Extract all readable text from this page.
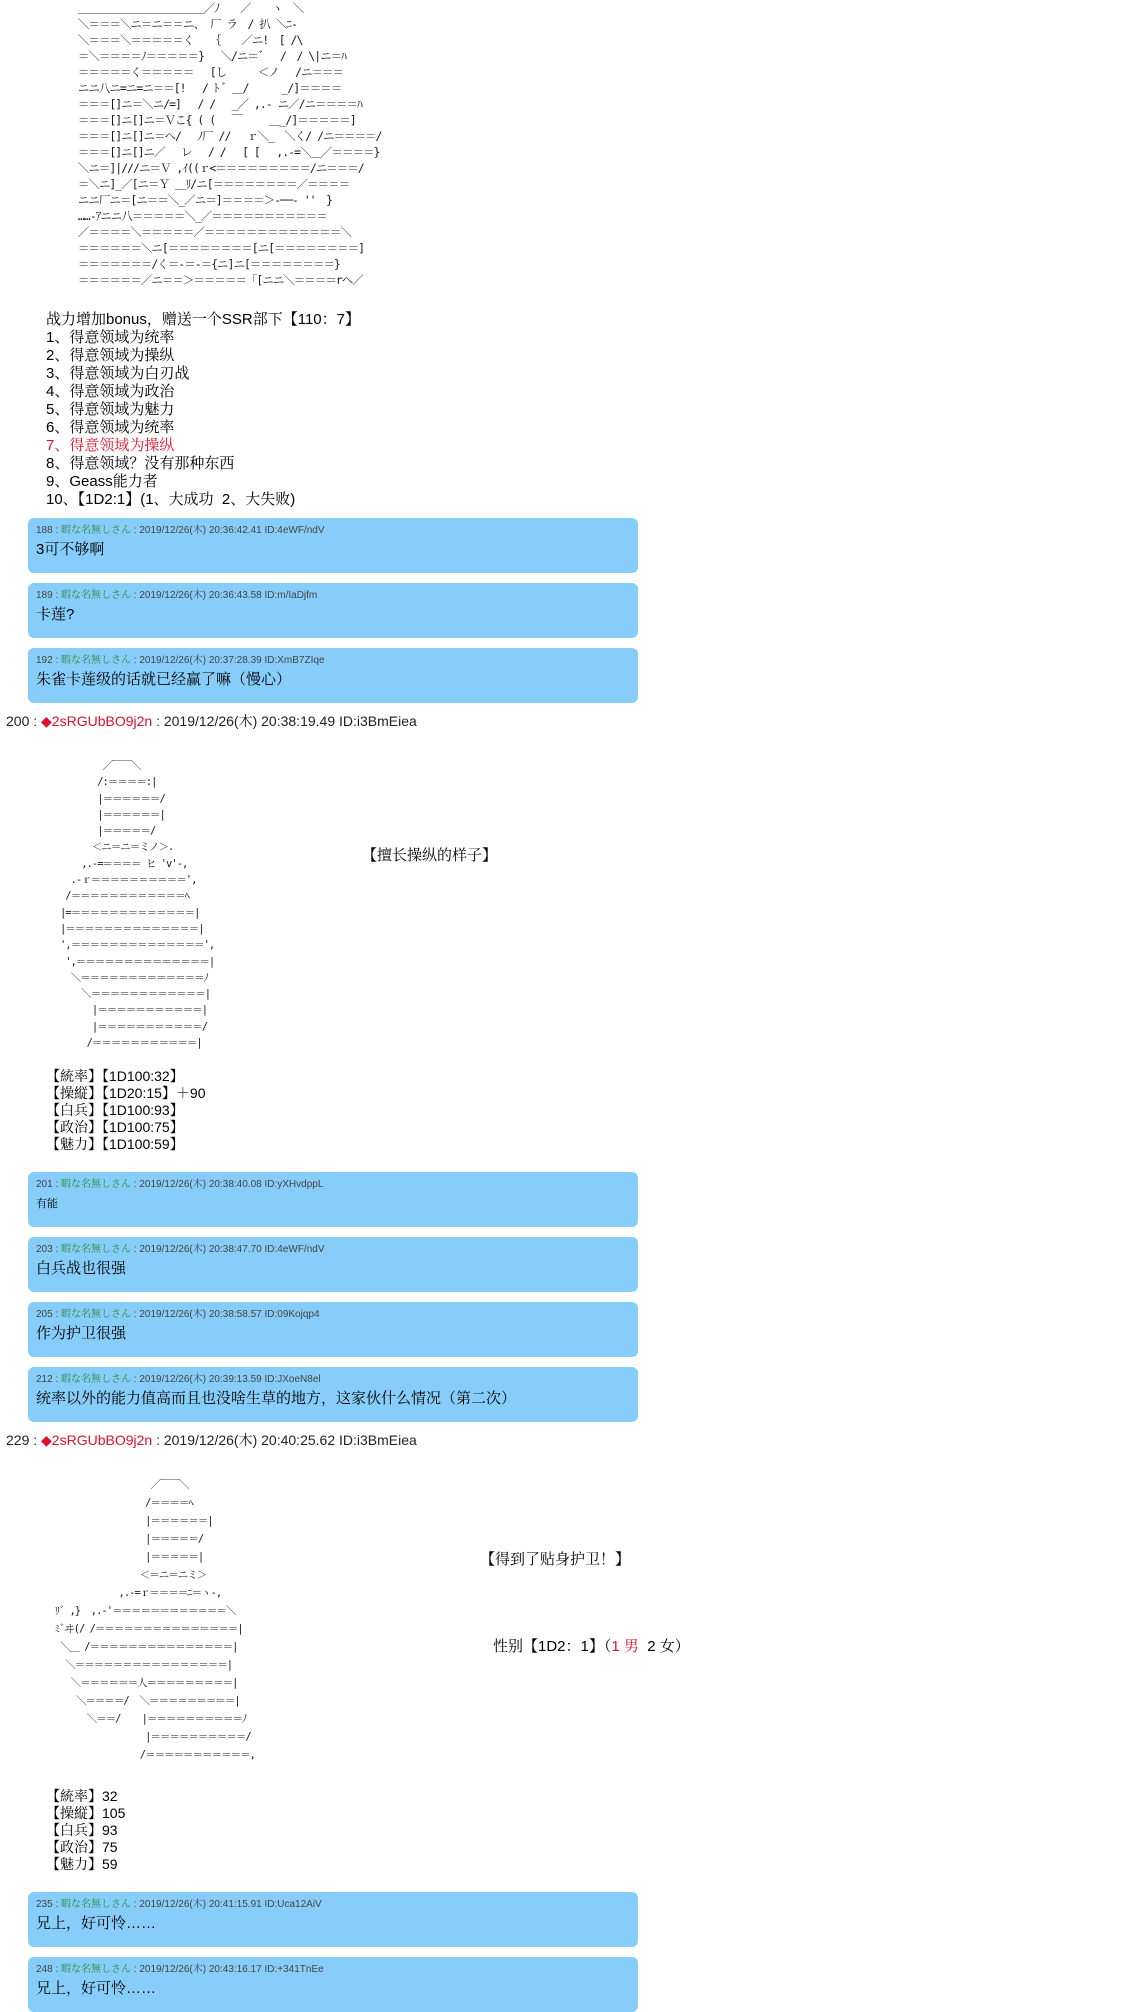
＿＿＿＿＿＿＿＿＿＿＿＿／ﾉ　　／　　ヽ　＼
＼＝＝＝＼ニ＝ニ＝＝ニ、 厂 ラ　/ 扒 ＼ﾆ-
＼＝＝＝＼＝＝＝＝＝く　 ｛　　／ニ!　[ /\
＝＼＝＝＝＝ﾉ＝＝＝＝＝} 　＼/ニ＝ﾞ　 /　/ \|ニ＝ﾊ
＝＝＝＝＝く＝＝＝＝＝ 　[し　　　＜ノ　 /ニ＝＝＝
ニニ八ニ=ニ=ニ＝＝[!　 / ﾄ ﾞ ＿/ 　　 _/]＝＝＝＝
＝＝＝[]ニ＝＼ニ/=]　 / /　 _／ ,.- ニ／/ニ＝＝＝＝ﾊ
＝＝＝[]ニ[]ニ＝Ｖこ{ ( (　 ￣　　 ＿_/]＝＝＝＝＝]
＝＝＝[]ニ[]ニ＝へ/ 　ﾉ厂 // 　ｒ＼_　＼く/ /ニ＝＝＝＝/
＝＝＝[]ニ[]ニ／ 　レ 　/ /　 [ [ 　,.-=＼＿／＝＝＝＝}
＼ニ＝]|///ニ＝Ｖ ,ｲ((ｒ<＝＝＝＝＝＝＝＝＝/ニ＝＝＝/
＝＼ニ]_／[ニ＝Ｙ ＿ﾘ/ニ[＝＝＝＝＝＝＝＝／＝＝＝＝
ニニ厂ニ＝[ニ＝＝＼_／ニ＝]＝＝＝＝＞‐──‐ ''　}
……‐ｱニニ八＝＝＝＝＝＼_／＝＝＝＝＝＝＝＝＝＝＝
／＝＝＝＝＼＝＝＝＝＝／＝＝＝＝＝＝＝＝＝＝＝＝＝＼
＝＝＝＝＝＝＼ニ[＝＝＝＝＝＝＝＝[ニ[＝＝＝＝＝＝＝＝]
＝＝＝＝＝＝＝/く＝-＝-＝{ニ]ニ[＝＝＝＝＝＝＝＝}
＝＝＝＝＝＝／ニ＝＝＞＝＝＝＝＝「[ニニ＼＝＝＝＝rへ／
战力增加bonus，赠送一个SSR部下【110：7】
1、得意领域为统率
2、得意领域为操纵
3、得意领域为白刃战
4、得意领域为政治
5、得意领域为魅力
6、得意领域为统率
7、得意领域为操纵
8、得意领域？没有那种东西
9、Geass能力者
10、【1D2:1】(1、大成功  2、大失败)
188 : 暇な名無しさん : 2019/12/26(木) 20:36:42.41 ID:4eWF/ndV
3可不够啊
189 : 暇な名無しさん : 2019/12/26(木) 20:36:43.58 ID:m/IaDjfm
卡莲?
192 : 暇な名無しさん : 2019/12/26(木) 20:37:28.39 ID:XmB7ZIqe
朱雀卡莲级的话就已经赢了嘛（慢心）
200 : ◆2sRGUbBO9j2n : 2019/12/26(木) 20:38:19.49 ID:i3BmEiea
／￣￣＼
/:＝＝＝＝:|
|＝＝＝＝＝＝/
|＝＝＝＝＝＝|
|＝＝＝＝＝/
＜ニ＝ニ＝ミノ＞.
,.-=＝＝＝＝ ヒ 'v'-,
.-ｒ＝＝＝＝＝＝＝＝＝＝',
/＝＝＝＝＝＝＝＝＝＝＝＝ﾍ
|=＝＝＝＝＝＝＝＝＝＝＝＝＝|
|＝＝＝＝＝＝＝＝＝＝＝＝＝＝|
',＝＝＝＝＝＝＝＝＝＝＝＝＝＝',
',＝＝＝＝＝＝＝＝＝＝＝＝＝＝|
＼＝＝＝＝＝＝＝＝＝＝＝＝＝ﾉ
＼＝＝＝＝＝＝＝＝＝＝＝＝|
|＝＝＝＝＝＝＝＝＝＝＝|
|＝＝＝＝＝＝＝＝＝＝＝/
/＝＝＝＝＝＝＝＝＝＝＝|
【擅长操纵的样子】
【統率】【1D100:32】
【操縦】【1D20:15】＋90
【白兵】【1D100:93】
【政治】【1D100:75】
【魅力】【1D100:59】
201 : 暇な名無しさん : 2019/12/26(木) 20:38:40.08 ID:yXHvdppL
有能
203 : 暇な名無しさん : 2019/12/26(木) 20:38:47.70 ID:4eWF/ndV
白兵战也很强
205 : 暇な名無しさん : 2019/12/26(木) 20:38:58.57 ID:09Kojqp4
作为护卫很强
212 : 暇な名無しさん : 2019/12/26(木) 20:39:13.59 ID:JXoeN8el
统率以外的能力值高而且也没啥生草的地方，这家伙什么情况（第二次）
229 : ◆2sRGUbBO9j2n : 2019/12/26(木) 20:40:25.62 ID:i3BmEiea
／￣￣＼
/＝＝＝＝ﾍ
|＝＝＝＝＝＝|
|＝＝＝＝＝/
|＝＝＝＝＝|
＜＝ニ＝ニミ＞
,.-=ｒ＝＝＝＝ﾆ＝ヽ-,
ﾘﾞ ,}  ,.-'＝＝＝＝＝＝＝＝＝＝＝＝＼
ﾐﾞヰ(/ /＝＝＝＝＝＝＝＝＝＝＝＝＝＝＝|
＼＿ /＝＝＝＝＝＝＝＝＝＝＝＝＝＝＝|
＼＝＝＝＝＝＝＝＝＝＝＝＝＝＝＝＝|
＼＝＝＝＝＝＝人＝＝＝＝＝＝＝＝＝|
＼＝＝＝＝/  ＼＝＝＝＝＝＝＝＝＝|
＼＝＝/    |＝＝＝＝＝＝＝＝＝＝ﾉ
|＝＝＝＝＝＝＝＝＝＝/
/＝＝＝＝＝＝＝＝＝＝＝,
【得到了贴身护卫！】
性别【1D2：1】（1 男  2 女）
【統率】32
【操縦】105
【白兵】93
【政治】75
【魅力】59
235 : 暇な名無しさん : 2019/12/26(木) 20:41:15.91 ID:Uca12AiV
兄上，好可怜……
248 : 暇な名無しさん : 2019/12/26(木) 20:43:16.17 ID:+341TnEe
兄上，好可怜……
